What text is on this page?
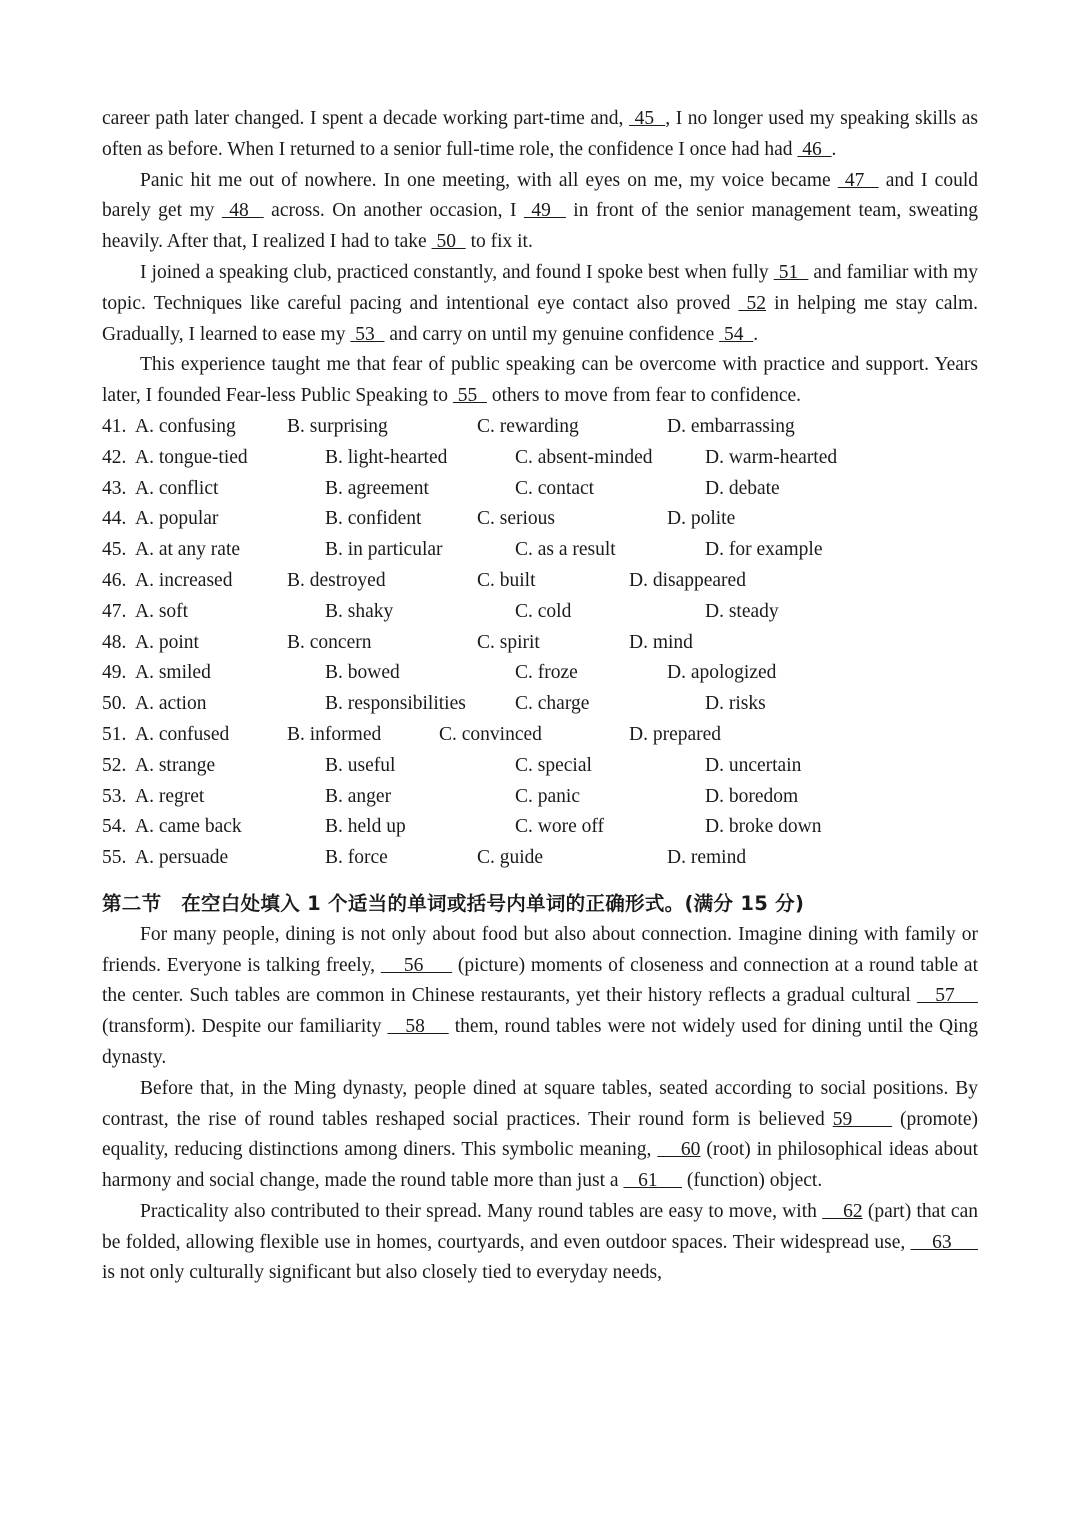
career path later changed. I spent a decade working part-time and,  45  , I no longer used my speaking skills as often as before. When I returned to a senior full-time role, the confidence I once had had  46  .

Panic hit me out of nowhere. In one meeting, with all eyes on me, my voice became  47   and I could barely get my  48   across. On another occasion, I  49   in front of the senior management team, sweating heavily. After that, I realized I had to take  50   to fix it.

I joined a speaking club, practiced constantly, and found I spoke best when fully  51   and familiar with my topic. Techniques like careful pacing and intentional eye contact also proved  52 in helping me stay calm. Gradually, I learned to ease my  53   and carry on until my genuine confidence  54  .

This experience taught me that fear of public speaking can be overcome with practice and support. Years later, I founded Fear-less Public Speaking to  55   others to move from fear to confidence.

41. A. confusing	B. surprising	C. rewarding	D. embarrassing
42. A. tongue-tied	B. light-hearted	C. absent-minded	D. warm-hearted
43. A. conflict	B. agreement	C. contact	D. debate
44. A. popular	B. confident	C. serious	D. polite
45. A. at any rate	B. in particular	C. as a result	D. for example
46. A. increased	B. destroyed	C. built	D. disappeared
47. A. soft	B. shaky	C. cold	D. steady
48. A. point	B. concern	C. spirit	D. mind
49. A. smiled	B. bowed	C. froze	D. apologized
50. A. action	B. responsibilities	C. charge	D. risks
51. A. confused	B. informed	C. convinced	D. prepared
52. A. strange	B. useful	C. special	D. uncertain
53. A. regret	B. anger	C. panic	D. boredom
54. A. came back	B. held up	C. wore off	D. broke down
55. A. persuade	B. force	C. guide	D. remind
第二节　在空白处填入 1 个适当的单词或括号内单词的正确形式。(满分 15 分)

For many people, dining is not only about food but also about connection. Imagine dining with family or friends. Everyone is talking freely,     56      (picture) moments of closeness and connection at a round table at the center. Such tables are common in Chinese restaurants, yet their history reflects a gradual cultural    57     (transform). Despite our familiarity    58     them, round tables were not widely used for dining until the Qing dynasty.

Before that, in the Ming dynasty, people dined at square tables, seated according to social positions. By contrast, the rise of round tables reshaped social practices. Their round form is believed 59      (promote) equality, reducing distinctions among diners. This symbolic meaning,     60 (root) in philosophical ideas about harmony and social change, made the round table more than just a    61      (function) object.

Practicality also contributed to their spread. Many round tables are easy to move, with     62 (part) that can be folded, allowing flexible use in homes, courtyards, and even outdoor spaces. Their widespread use,     63      is not only culturally significant but also closely tied to everyday needs,
